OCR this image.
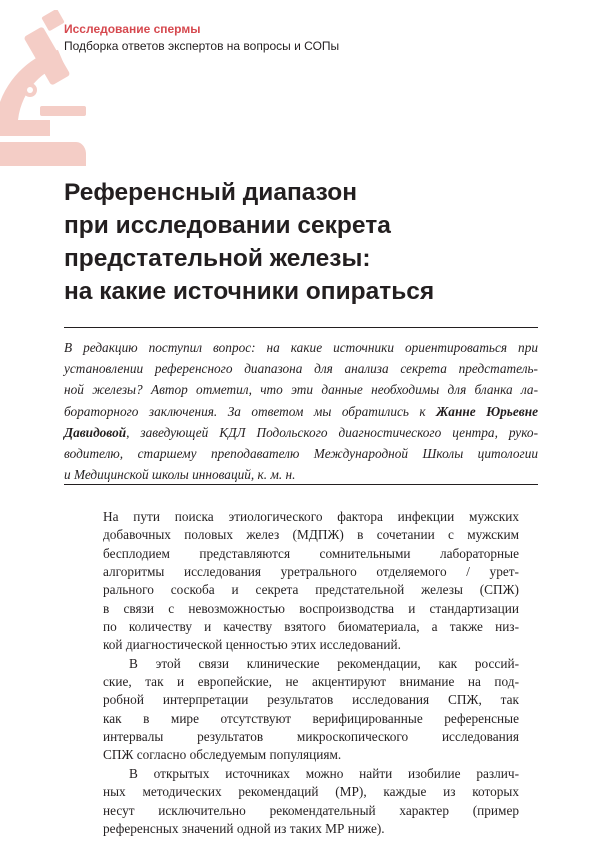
Исследование спермы

Подборка ответов экспертов на вопросы и СОПы

Референсный диапазон
при исследовании секрета
предстательной железы:
на какие источники опираться
В редакцию поступил вопрос: на какие источники ориентироваться при
установлении референсного диапазона для анализа секрета предстатель-
ной железы? Автор отметил, что эти данные необходимы для бланка ла-
бораторного заключения. За ответом мы обратились к Жанне Юрьевне
Давидовой, заведующей КДЛ Подольского диагностического центра, руко-
водителю, старшему преподавателю Международной Школы цитологии
и Медицинской школы инноваций, к. м. н.
На пути поиска этиологического фактора инфекции мужских
добавочных половых желез (МДПЖ) в сочетании с мужским
бесплодием представляются сомнительными лабораторные
алгоритмы исследования уретрального отделяемого / урет-
рального соскоба и секрета предстательной железы (СПЖ)
в связи с невозможностью воспроизводства и стандартизации
по количеству и качеству взятого биоматериала, а также низ-
кой диагностической ценностью этих исследований.
В этой связи клинические рекомендации, как россий-
ские, так и европейские, не акцентируют внимание на под-
робной интерпретации результатов исследования СПЖ, так
как в мире отсутствуют верифицированные референсные
интервалы результатов микроскопического исследования
СПЖ согласно обследуемым популяциям.
В открытых источниках можно найти изобилие различ-
ных методических рекомендаций (МР), каждые из которых
несут исключительно рекомендательный характер (пример
референсных значений одной из таких МР ниже).
